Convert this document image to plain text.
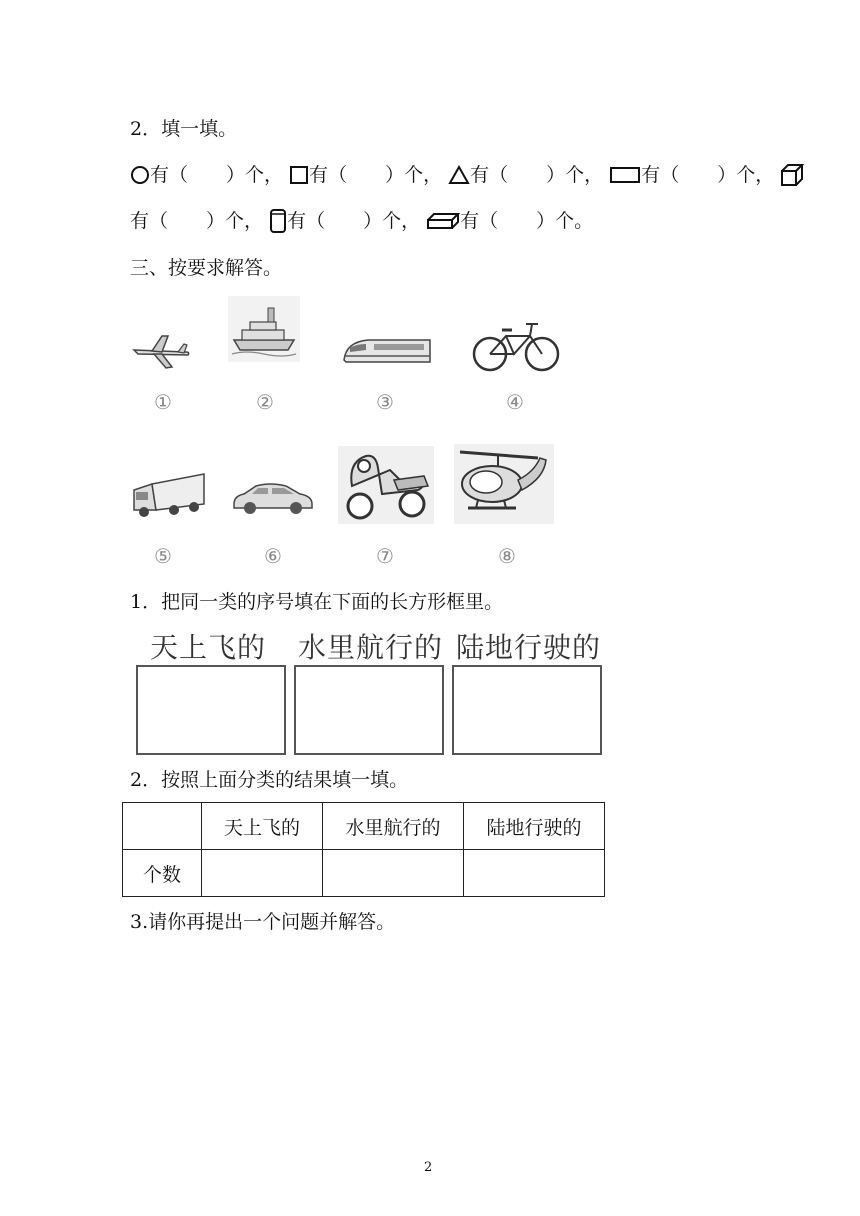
2．填一填。
有（ ）个， 有（ ）个， 有（ ）个， 有（ ）个，
有（ ）个， 有（ ）个， 有（ ）个。
三、按要求解答。
①	②	③	④
⑤	⑥	⑦	⑧
1．把同一类的序号填在下面的长方形框里。
天上飞的 水里航行的 陆地行驶的
2．按照上面分类的结果填一填。
	天上飞的	水里航行的	陆地行驶的
个数			
3.请你再提出一个问题并解答。
2
